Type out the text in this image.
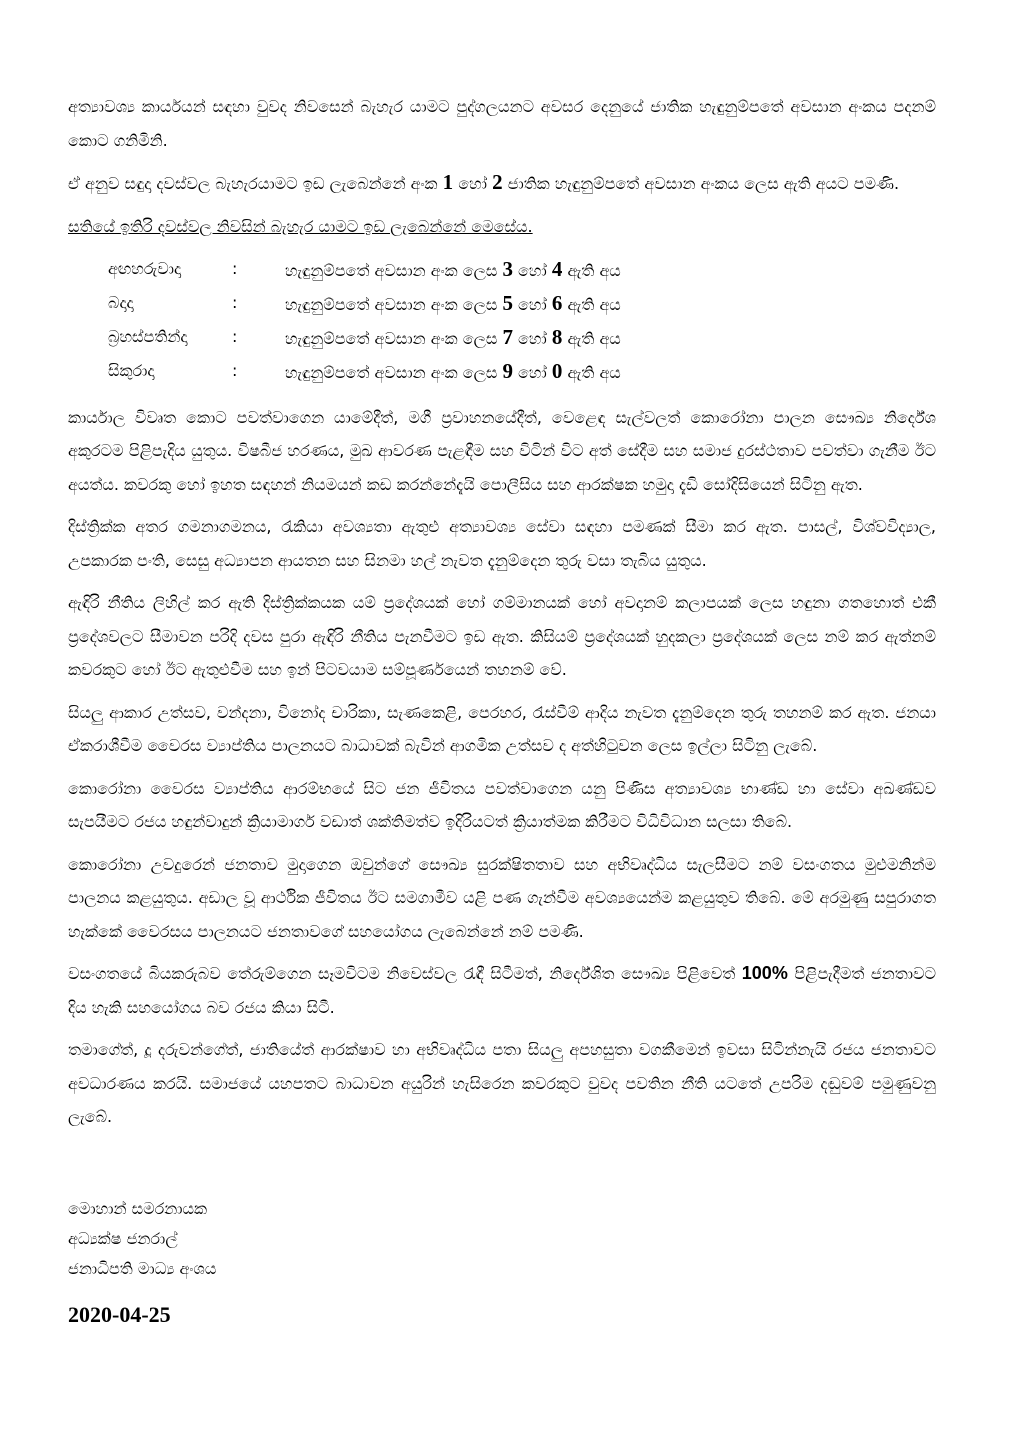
අත්‍යාවශ්‍ය කාර්යයන් සඳහා වුවද නිවසෙන් බැහැර යාමට පුද්ගලයනට අවසර දෙනුයේ ජාතික හැඳුනුම්පතේ අවසාන අංකය පදනම් කොට ගනිමිනි.

ඒ අනුව සඳුදා දවස්වල බැහැරයාමට ඉඩ ලැබෙන්නේ අංක 1 හෝ 2 ජාතික හැඳුනුම්පතේ අවසාන අංකය ලෙස ඇති අයට පමණි.

සතියේ ඉතිරි දවස්වල නිවසින් බැහැර යාමට ඉඩ ලැබෙන්නේ මෙසේය.

අඟහරුවාදා	:	හැඳුනුම්පතේ අවසාන අංක ලෙස 3 හෝ 4 ඇති අය
බදාදා	:	හැඳුනුම්පතේ අවසාන අංක ලෙස 5 හෝ 6 ඇති අය
බ්‍රහස්පතින්දා	:	හැඳුනුම්පතේ අවසාන අංක ලෙස 7 හෝ 8 ඇති අය
සිකුරාදා	:	හැඳුනුම්පතේ අවසාන අංක ලෙස 9 හෝ 0 ඇති අය

කාර්යාල විවෘත කොට පවත්වාගෙන යාමේදීත්, මගී ප්‍රවාහනයේදීත්, වෙළෙඳ සැල්වලත් කොරෝනා පාලන සෞඛ්‍ය නිර්දේශ අකුරටම පිළිපැදිය යුතුය. විෂබීජ හරණය, මුඛ ආවරණ පැළඳීම සහ විටින් විට අත් සේදීම සහ සමාජ දුරස්ථතාව පවත්වා ගැනීම ඊට අයත්ය. කවරකු හෝ ඉහත සඳහන් නියමයන් කඩ කරන්නේදැයි පොලීසිය සහ ආරක්ෂක හමුදා දැඩි සෝදිසියෙන් සිටිනු ඇත.

දිස්ත්‍රික්ක අතර ගමනාගමනය, රැකියා අවශ්‍යතා ඇතුළු අත්‍යාවශ්‍ය සේවා සඳහා පමණක් සීමා කර ඇත. පාසල්, විශ්වවිද්‍යාල, උපකාරක පංති, සෙසු අධ්‍යාපන ආයතන සහ සිනමා හල් නැවත දැනුම්දෙන තුරු වසා තැබිය යුතුය.

ඇඳිරි නීතිය ලිහිල් කර ඇති දිස්ත්‍රික්කයක යම් ප්‍රදේශයක් හෝ ගම්මානයක් හෝ අවදානම් කලාපයක් ලෙස හඳුනා ගතහොත් එකී ප්‍රදේශවලට සීමාවන පරිදි දවස පුරා ඇඳිරි නීතිය පැනවීමට ඉඩ ඇත. කිසියම් ප්‍රදේශයක් හුදකලා ප්‍රදේශයක් ලෙස නම් කර ඇත්නම් කවරකුට හෝ ඊට ඇතුළුවීම සහ ඉන් පිටවයාම සම්පූර්ණයෙන් තහනම් වේ.

සියලු ආකාර උත්සව, වන්දනා, විනෝද චාරිකා, සැණකෙළි, පෙරහර, රැස්වීම් ආදිය නැවත දැනුම්දෙන තුරු තහනම් කර ඇත. ජනයා ඒකරාශීවීම වෛරස ව්‍යාප්තිය පාලනයට බාධාවක් බැවින් ආගමික උත්සව ද අත්හිටුවන ලෙස ඉල්ලා සිටිනු ලැබේ.

කොරෝනා වෛරස ව්‍යාප්තිය ආරම්භයේ සිට ජන ජීවිතය පවත්වාගෙන යනු පිණිස අත්‍යාවශ්‍ය භාණ්ඩ හා සේවා අඛණ්ඩව සැපයීමට රජය හඳුන්වාදුන් ක්‍රියාමාර්ග වඩාත් ශක්තිමත්ව ඉදිරියටත් ක්‍රියාත්මක කිරීමට විධිවිධාන සලසා තිබේ.

කොරෝනා උවදුරෙන් ජනතාව මුදාගෙන ඔවුන්ගේ සෞඛ්‍ය සුරක්ෂිතතාව සහ අභිවෘද්ධිය සැලසීමට නම් වසංගතය මුළුමනින්ම පාලනය කළයුතුය. අඩාල වූ ආර්ථික ජීවිතය ඊට සමගාමීව යළි පණ ගැන්වීම අවශ්‍යයෙන්ම කළයුතුව තිබේ. මේ අරමුණු සපුරාගත හැක්කේ වෛරසය පාලනයට ජනතාවගේ සහයෝගය ලැබෙන්නේ නම් පමණි.

වසංගතයේ බියකරුබව තේරුම්ගෙන සෑමවිටම නිවෙස්වල රැඳී සිටීමත්, නිර්දේශිත සෞඛ්‍ය පිළිවෙත් 100% පිළිපැදීමත් ජනතාවට දිය හැකි සහයෝගය බව රජය කියා සිටී.

තමාගේත්, දූ දරුවන්ගේත්, ජාතියේත් ආරක්ෂාව හා අභිවෘද්ධිය පතා සියලු අපහසුතා වගකීමෙන් ඉවසා සිටින්නැයි රජය ජනතාවට අවධාරණය කරයි. සමාජයේ යහපතට බාධාවන අයුරින් හැසිරෙන කවරකුට වුවද පවතින නීති යටතේ උපරිම දඬුවම් පමුණුවනු ලැබේ.

මොහාන් සමරනායක
අධ්‍යක්ෂ ජනරාල්
ජනාධිපති මාධ්‍ය අංශය
2020-04-25
